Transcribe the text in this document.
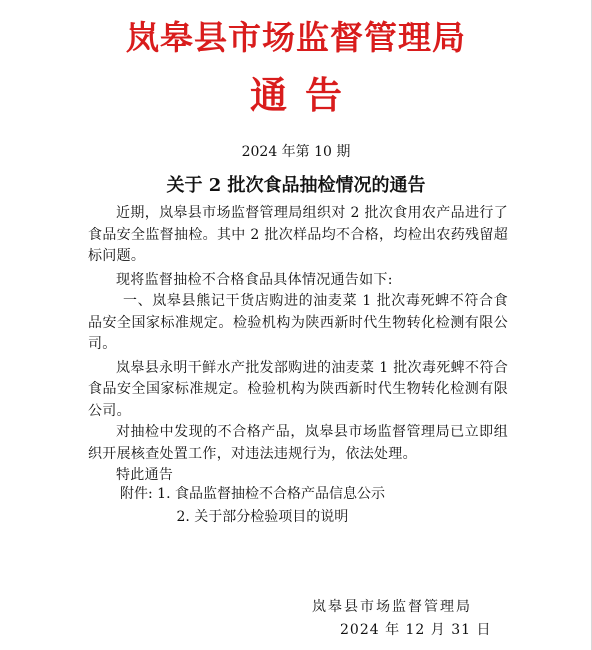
岚皋县市场监督管理局
通告
2024 年第 10 期
关于 2 批次食品抽检情况的通告

近期，岚皋县市场监督管理局组织对 2 批次食用农产品进行了食品安全监督抽检。其中 2 批次样品均不合格，均检出农药残留超标问题。

现将监督抽检不合格食品具体情况通告如下:

一、岚皋县熊记干货店购进的油麦菜 1 批次毒死蜱不符合食品安全国家标准规定。检验机构为陕西新时代生物转化检测有限公司。

岚皋县永明干鲜水产批发部购进的油麦菜 1 批次毒死蜱不符合食品安全国家标准规定。检验机构为陕西新时代生物转化检测有限公司。

对抽检中发现的不合格产品，岚皋县市场监督管理局已立即组织开展核查处置工作，对违法违规行为，依法处理。

特此通告

附件: 1. 食品监督抽检不合格产品信息公示
2. 关于部分检验项目的说明
岚皋县市场监督管理局
2024 年 12 月 31 日
